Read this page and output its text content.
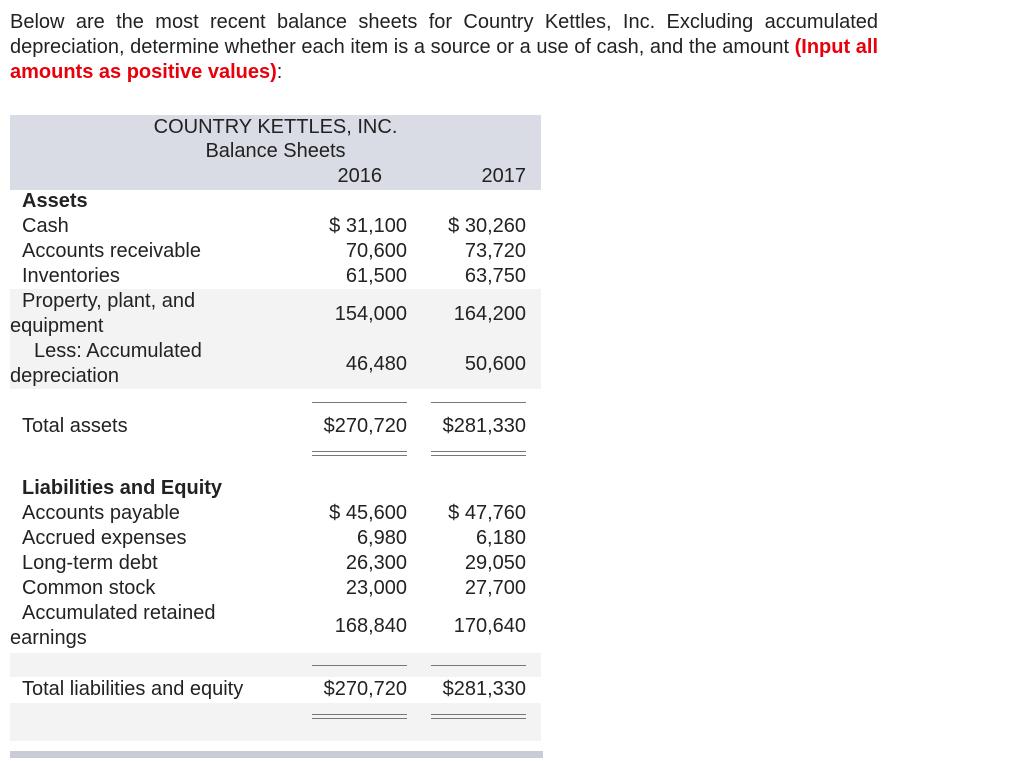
Below are the most recent balance sheets for Country Kettles, Inc. Excluding accumulated depreciation, determine whether each item is a source or a use of cash, and the amount (Input all amounts as positive values):
COUNTRY KETTLES, INC.
Balance Sheets
2016	2017
Assets
Cash	$ 31,100 $ 30,260
Accounts receivable	70,600	73,720
Inventories	61,500	63,750
Property, plant, and
equipment
154,000 164,200
Less: Accumulated
depreciation
46,480	50,600
Total assets	$270,720 $281,330
Liabilities and Equity
Accounts payable	$ 45,600 $ 47,760
Accrued expenses	6,980	6,180
Long-term debt	26,300	29,050
Common stock	23,000	27,700
Accumulated retained
earnings
168,840 170,640
Total liabilities and equity	$270,720 $281,330
